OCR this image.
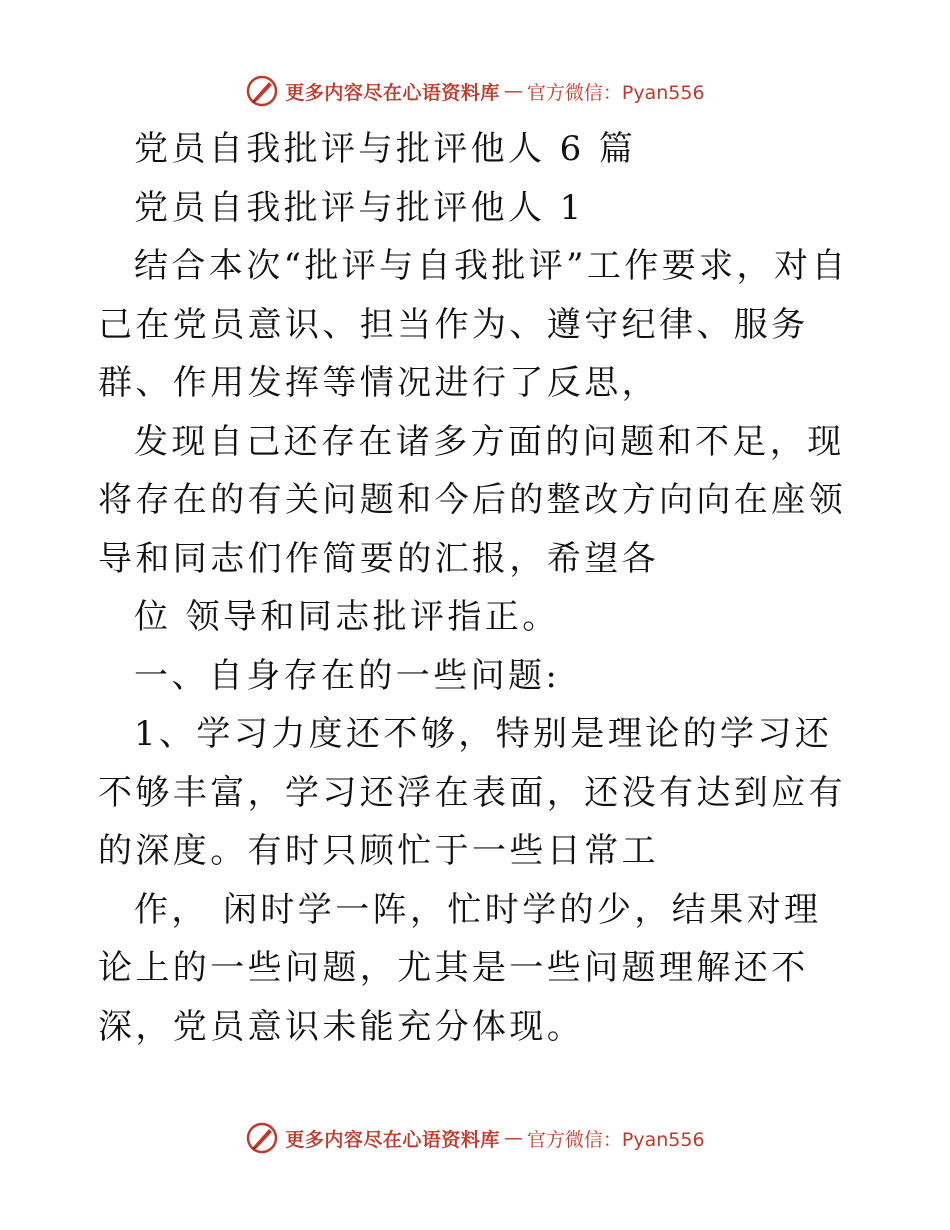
更多内容尽在心语资料库 — 官方微信：Pyan556

党员自我批评与批评他人 6 篇

党员自我批评与批评他人 1

结合本次“批评与自我批评”工作要求，对自己在党员意识、担当作为、遵守纪律、服务群、作用发挥等情况进行了反思，

发现自己还存在诸多方面的问题和不足，现将存在的有关问题和今后的整改方向向在座领导和同志们作简要的汇报，希望各

位 领导和同志批评指正。

一、自身存在的一些问题:

1、学习力度还不够，特别是理论的学习还不够丰富，学习还浮在表面，还没有达到应有的深度。有时只顾忙于一些日常工

作， 闲时学一阵，忙时学的少，结果对理论上的一些问题，尤其是一些问题理解还不深，党员意识未能充分体现。

更多内容尽在心语资料库 — 官方微信：Pyan556
